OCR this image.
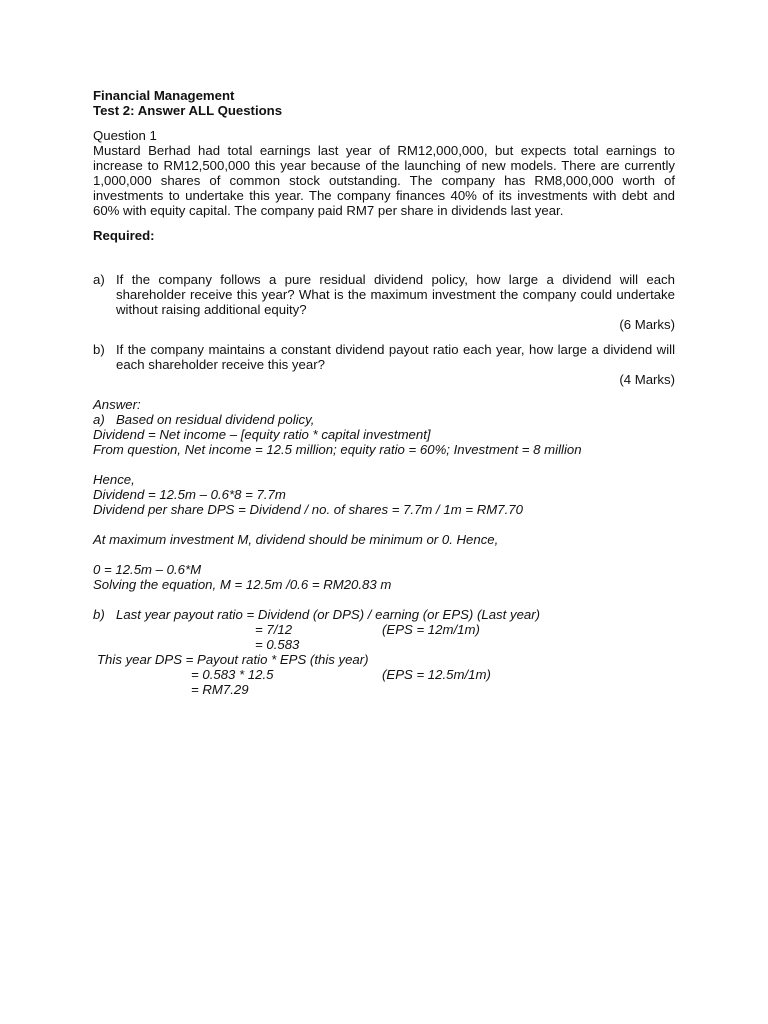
Financial Management
Test 2: Answer ALL Questions
Question 1
Mustard Berhad had total earnings last year of RM12,000,000, but expects total earnings to increase to RM12,500,000 this year because of the launching of new models. There are currently 1,000,000 shares of common stock outstanding. The company has RM8,000,000 worth of investments to undertake this year. The company finances 40% of its investments with debt and 60% with equity capital. The company paid RM7 per share in dividends last year.
Required:
a) If the company follows a pure residual dividend policy, how large a dividend will each shareholder receive this year? What is the maximum investment the company could undertake without raising additional equity?
(6 Marks)
b) If the company maintains a constant dividend payout ratio each year, how large a dividend will each shareholder receive this year?
(4 Marks)
Answer:
a) Based on residual dividend policy,
Dividend = Net income – [equity ratio * capital investment]
From question, Net income = 12.5 million; equity ratio = 60%; Investment = 8 million
Hence,
Dividend = 12.5m – 0.6*8 = 7.7m
Dividend per share DPS = Dividend / no. of shares = 7.7m / 1m = RM7.70
At maximum investment M, dividend should be minimum or 0. Hence,
0 = 12.5m – 0.6*M
Solving the equation, M = 12.5m /0.6 = RM20.83 m
b) Last year payout ratio = Dividend (or DPS) / earning (or EPS) (Last year)
= 7/12	(EPS = 12m/1m)
= 0.583
This year DPS = Payout ratio * EPS (this year)
= 0.583 * 12.5	(EPS = 12.5m/1m)
= RM7.29
